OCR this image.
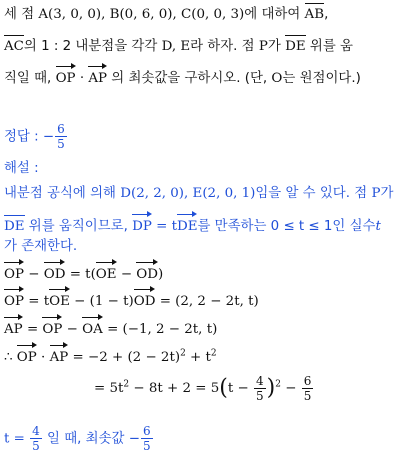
세 점 A(3, 0, 0), B(0, 6, 0), C(0, 0, 3)에 대하여 AB,
AC의 1 : 2 내분점을 각각 D, E라 하자. 점 P가 DE 위를 움
직일 때, OP · AP 의 최솟값을 구하시오. (단, O는 원점이다.)
정답 : − $\frac{6}{5}$
해설 :
내분점 공식에 의해 D(2, 2, 0), E(2, 0, 1)임을 알 수 있다. 점 P가
DE 위를 움직이므로, DP = tDE를 만족하는 0 ≤ t ≤ 1인 실수t
가 존재한다.
OP − OD = t(OE − OD)
OP = tOE − (1 − t)OD = (2, 2 − 2t, t)
AP = OP − OA = (−1, 2 − 2t, t)
∴ OP · AP = $-2 + (2 - 2t)^2 + t^2$
= $5t^2 - 8t + 2 = 5(t - \frac{4}{5} )^2 - \frac{6}{5}$
$t = \frac{4}{5}$ 일 때, 최솟값 − $\frac{6}{5}$
